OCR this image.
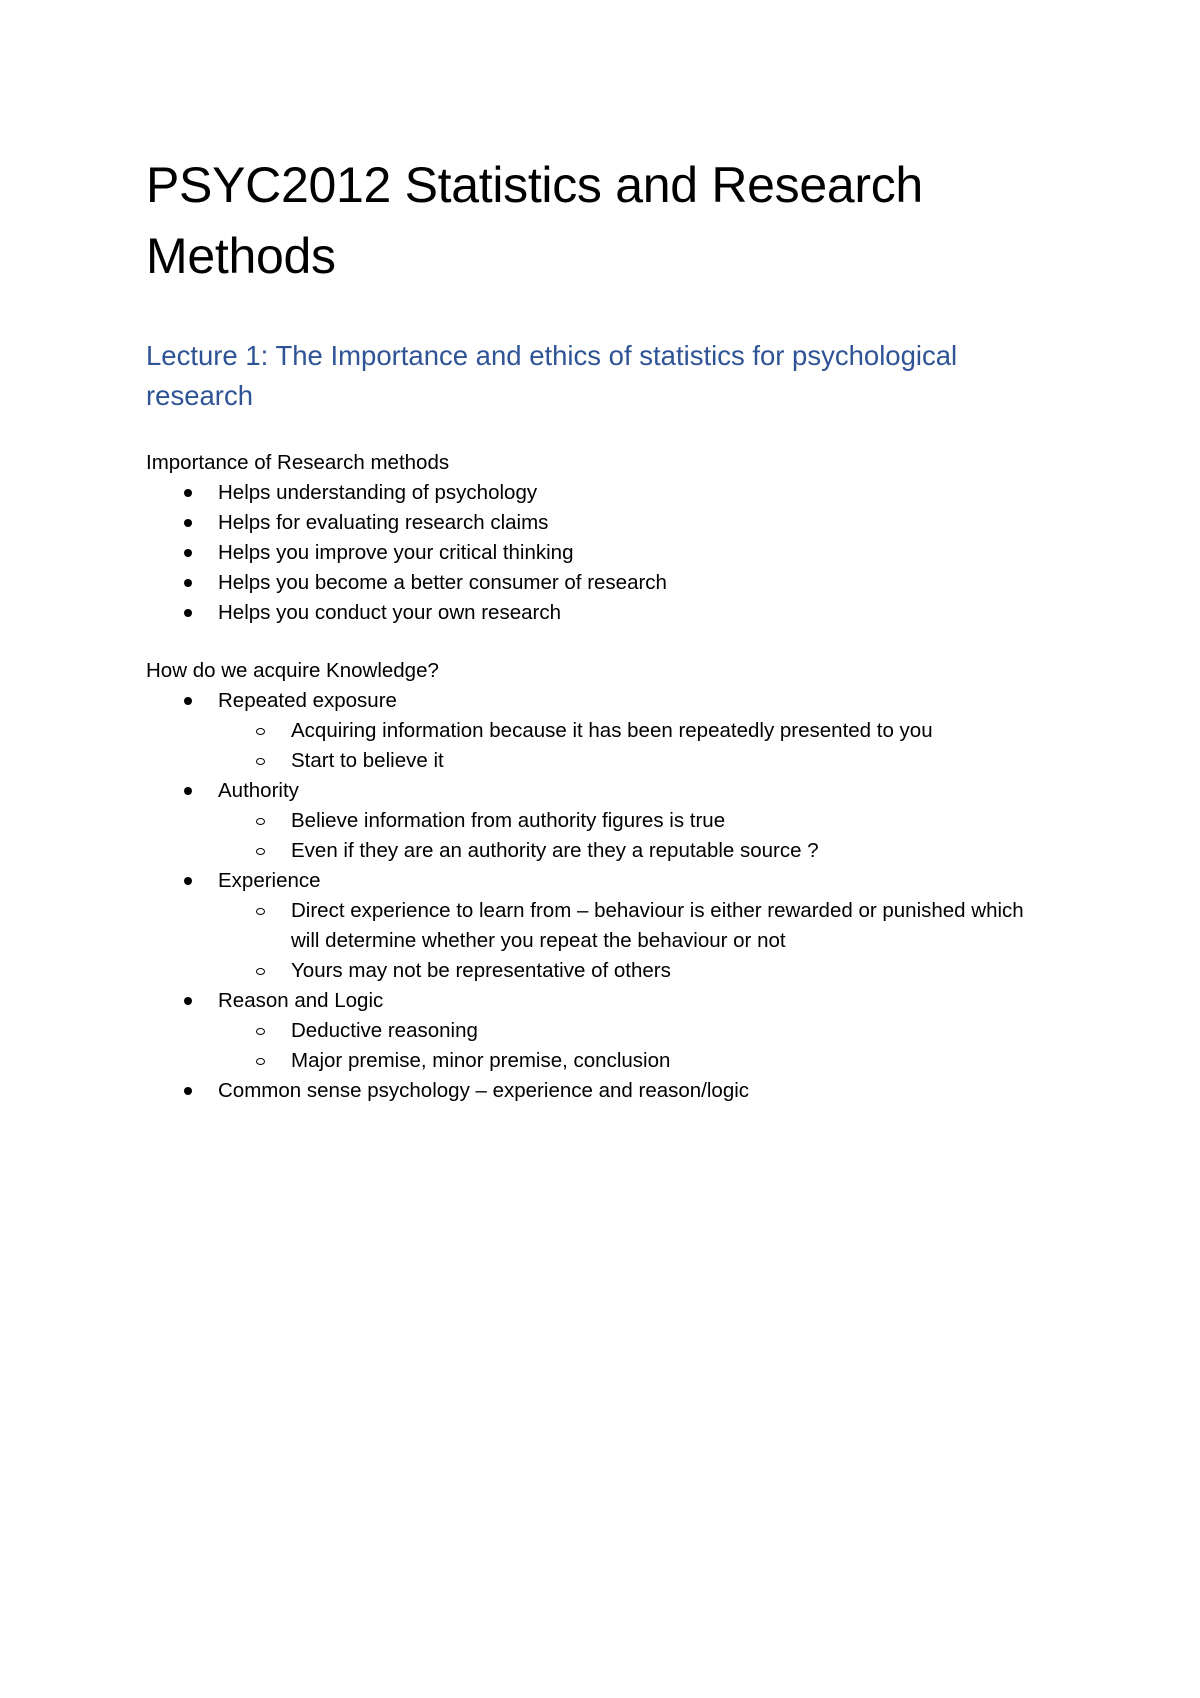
PSYC2012 Statistics and Research Methods
Lecture 1: The Importance and ethics of statistics for psychological research

Importance of Research methods

Helps understanding of psychology
Helps for evaluating research claims
Helps you improve your critical thinking
Helps you become a better consumer of research
Helps you conduct your own research

How do we acquire Knowledge?

Repeated exposure
Acquiring information because it has been repeatedly presented to you
Start to believe it
Authority
Believe information from authority figures is true
Even if they are an authority are they a reputable source ?
Experience
Direct experience to learn from – behaviour is either rewarded or punished which will determine whether you repeat the behaviour or not
Yours may not be representative of others
Reason and Logic
Deductive reasoning
Major premise, minor premise, conclusion
Common sense psychology – experience and reason/logic
